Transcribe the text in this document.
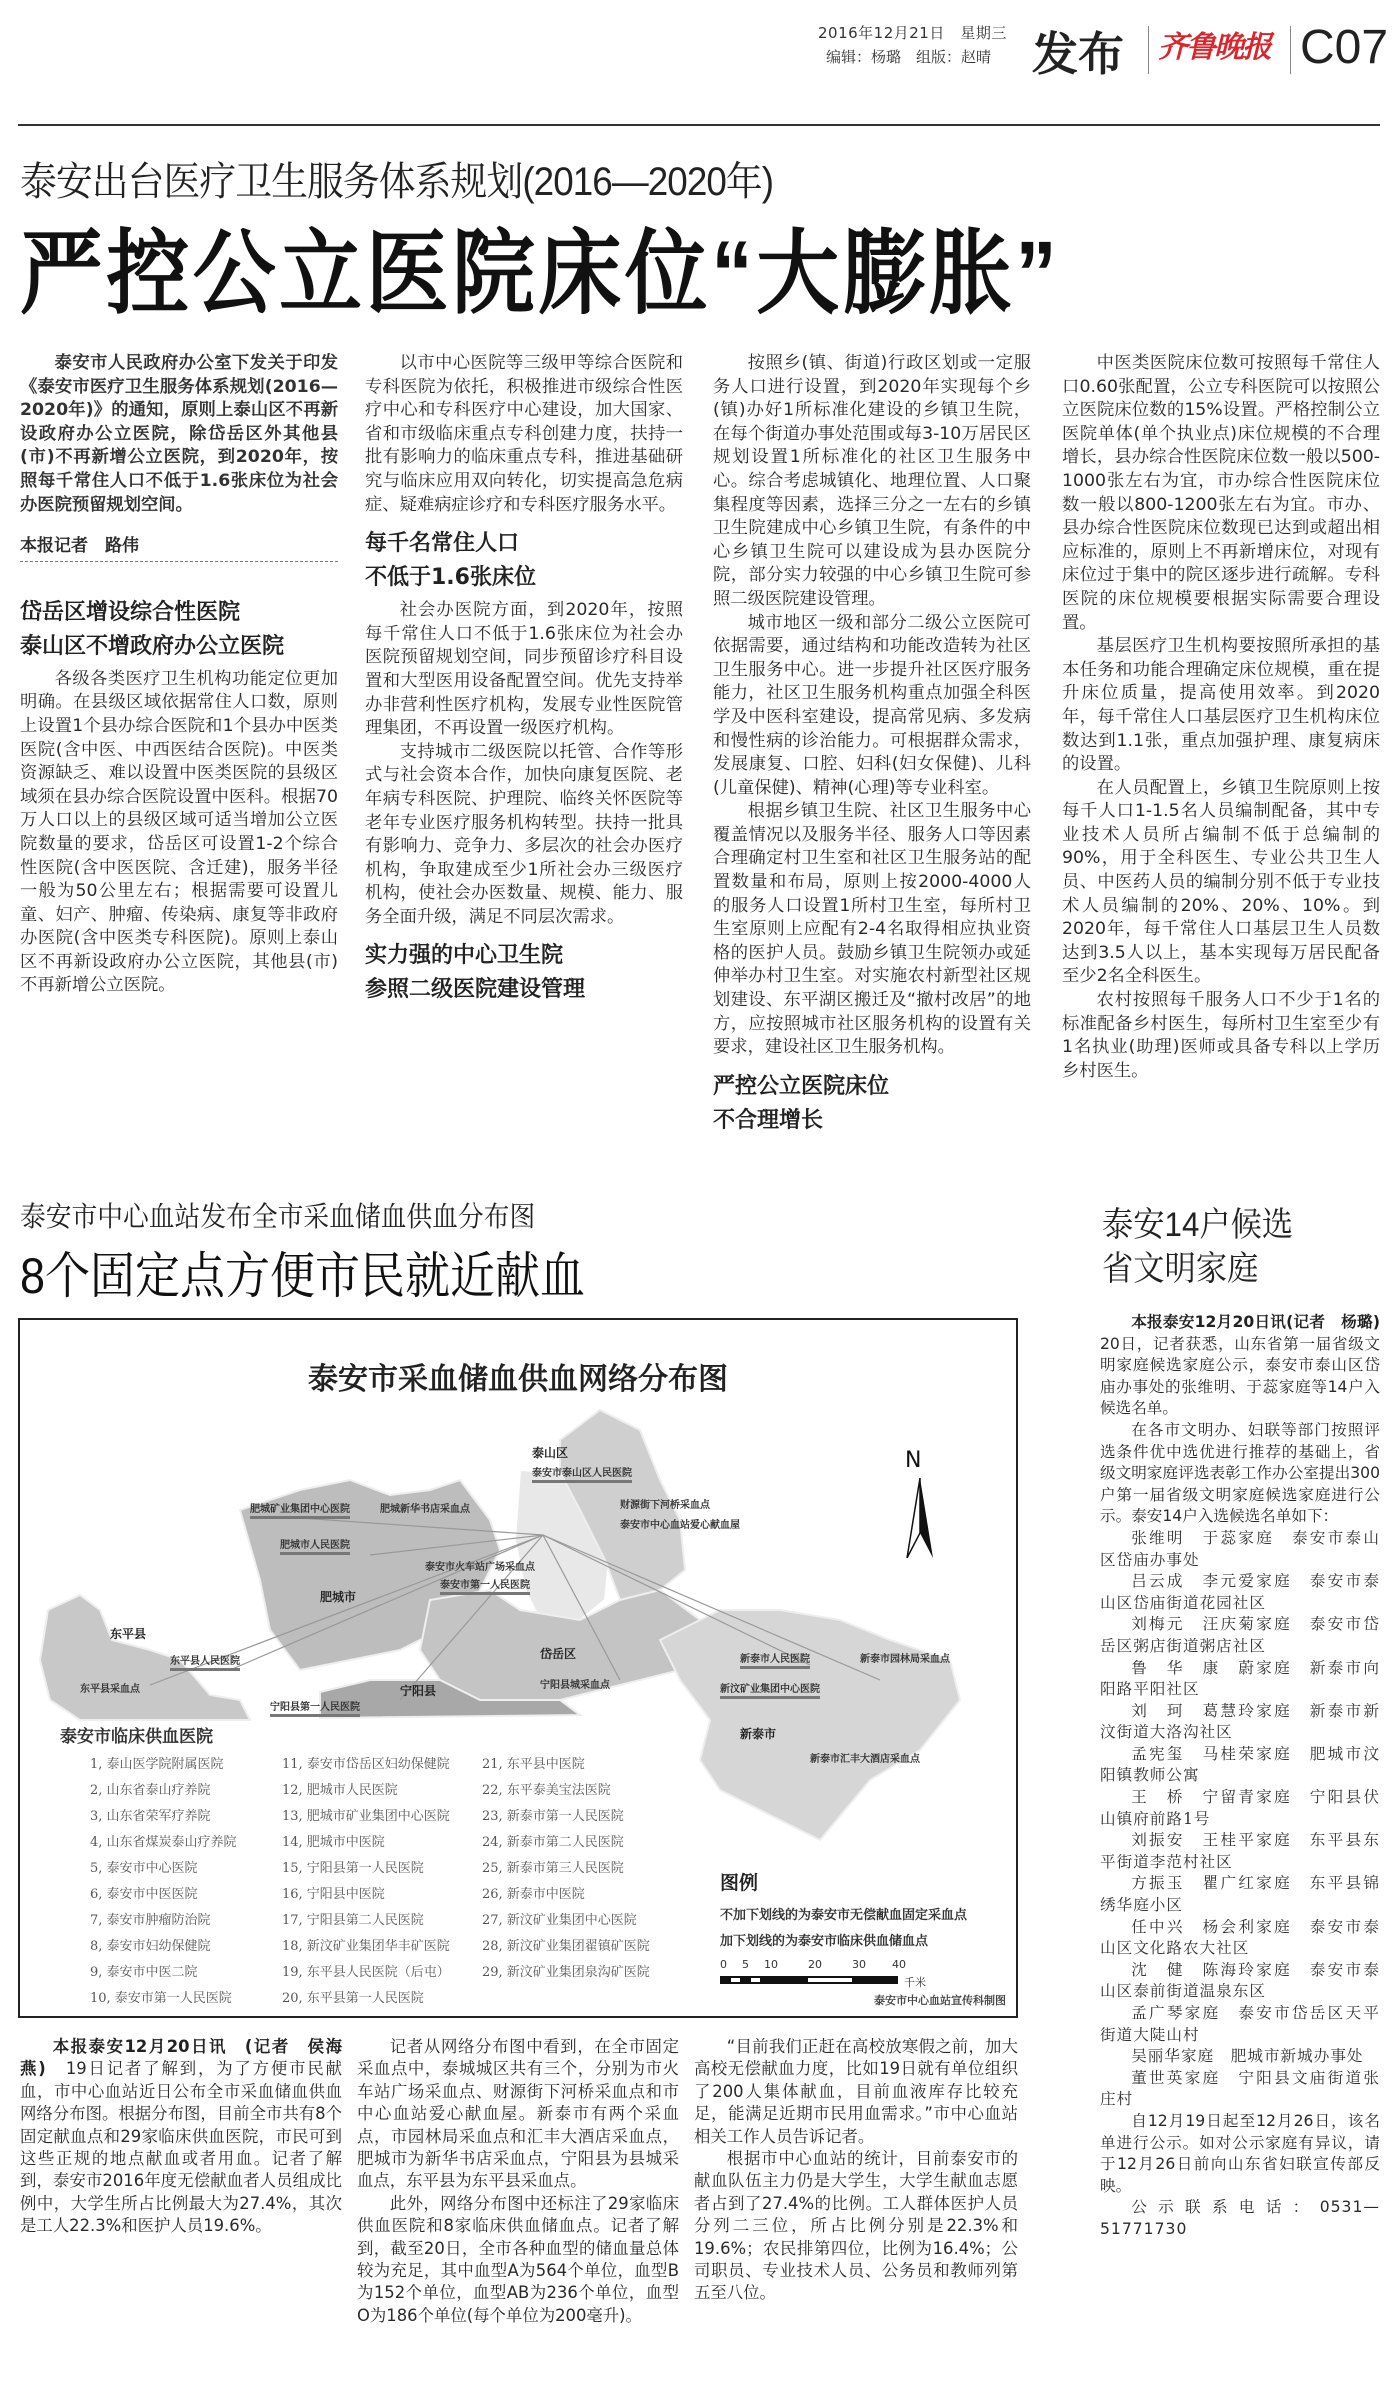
2016年12月21日　星期三
编辑：杨璐　组版：赵晴 发布 齐鲁晚报 C07
泰安出台医疗卫生服务体系规划(2016—2020年)
严控公立医院床位“大膨胀”

泰安市人民政府办公室下发关于印发《泰安市医疗卫生服务体系规划(2016—2020年)》的通知，原则上泰山区不再新设政府办公立医院，除岱岳区外其他县(市)不再新增公立医院，到2020年，按照每千常住人口不低于1.6张床位为社会办医院预留规划空间。

本报记者　路伟
岱岳区增设综合性医院
泰山区不增政府办公立医院

各级各类医疗卫生机构功能定位更加明确。在县级区域依据常住人口数，原则上设置1个县办综合医院和1个县办中医类医院(含中医、中西医结合医院)。中医类资源缺乏、难以设置中医类医院的县级区域须在县办综合医院设置中医科。根据70万人口以上的县级区域可适当增加公立医院数量的要求，岱岳区可设置1-2个综合性医院(含中医医院、含迁建)，服务半径一般为50公里左右；根据需要可设置儿童、妇产、肿瘤、传染病、康复等非政府办医院(含中医类专科医院)。原则上泰山区不再新设政府办公立医院，其他县(市)不再新增公立医院。

以市中心医院等三级甲等综合医院和专科医院为依托，积极推进市级综合性医疗中心和专科医疗中心建设，加大国家、省和市级临床重点专科创建力度，扶持一批有影响力的临床重点专科，推进基础研究与临床应用双向转化，切实提高急危病症、疑难病症诊疗和专科医疗服务水平。

每千名常住人口
不低于1.6张床位

社会办医院方面，到2020年，按照每千常住人口不低于1.6张床位为社会办医院预留规划空间，同步预留诊疗科目设置和大型医用设备配置空间。优先支持举办非营利性医疗机构，发展专业性医院管理集团，不再设置一级医疗机构。

支持城市二级医院以托管、合作等形式与社会资本合作，加快向康复医院、老年病专科医院、护理院、临终关怀医院等老年专业医疗服务机构转型。扶持一批具有影响力、竞争力、多层次的社会办医疗机构，争取建成至少1所社会办三级医疗机构，使社会办医数量、规模、能力、服务全面升级，满足不同层次需求。

实力强的中心卫生院
参照二级医院建设管理

按照乡(镇、街道)行政区划或一定服务人口进行设置，到2020年实现每个乡(镇)办好1所标准化建设的乡镇卫生院，在每个街道办事处范围或每3-10万居民区规划设置1所标准化的社区卫生服务中心。综合考虑城镇化、地理位置、人口聚集程度等因素，选择三分之一左右的乡镇卫生院建成中心乡镇卫生院，有条件的中心乡镇卫生院可以建设成为县办医院分院，部分实力较强的中心乡镇卫生院可参照二级医院建设管理。

城市地区一级和部分二级公立医院可依据需要，通过结构和功能改造转为社区卫生服务中心。进一步提升社区医疗服务能力，社区卫生服务机构重点加强全科医学及中医科室建设，提高常见病、多发病和慢性病的诊治能力。可根据群众需求，发展康复、口腔、妇科(妇女保健)、儿科(儿童保健)、精神(心理)等专业科室。

根据乡镇卫生院、社区卫生服务中心覆盖情况以及服务半径、服务人口等因素合理确定村卫生室和社区卫生服务站的配置数量和布局，原则上按2000-4000人的服务人口设置1所村卫生室，每所村卫生室原则上应配有2-4名取得相应执业资格的医护人员。鼓励乡镇卫生院领办或延伸举办村卫生室。对实施农村新型社区规划建设、东平湖区搬迁及“撤村改居”的地方，应按照城市社区服务机构的设置有关要求，建设社区卫生服务机构。

严控公立医院床位
不合理增长

中医类医院床位数可按照每千常住人口0.60张配置，公立专科医院可以按照公立医院床位数的15%设置。严格控制公立医院单体(单个执业点)床位规模的不合理增长，县办综合性医院床位数一般以500-1000张左右为宜，市办综合性医院床位数一般以800-1200张左右为宜。市办、县办综合性医院床位数现已达到或超出相应标准的，原则上不再新增床位，对现有床位过于集中的院区逐步进行疏解。专科医院的床位规模要根据实际需要合理设置。

基层医疗卫生机构要按照所承担的基本任务和功能合理确定床位规模，重在提升床位质量，提高使用效率。到2020年，每千常住人口基层医疗卫生机构床位数达到1.1张，重点加强护理、康复病床的设置。

在人员配置上，乡镇卫生院原则上按每千人口1-1.5名人员编制配备，其中专业技术人员所占编制不低于总编制的90%，用于全科医生、专业公共卫生人员、中医药人员的编制分别不低于专业技术人员编制的20%、20%、10%。到2020年，每千常住人口基层卫生人员数达到3.5人以上，基本实现每万居民配备至少2名全科医生。

农村按照每千服务人口不少于1名的标准配备乡村医生，每所村卫生室至少有1名执业(助理)医师或具备专科以上学历乡村医生。

泰安市中心血站发布全市采血储血供血分布图
8个固定点方便市民就近献血
泰安市采血储血供血网络分布图
N
泰山区
肥城市
东平县
岱岳区
宁阳县
新泰市
泰安市泰山区人民医院
肥城矿业集团中心医院	肥城新华书店采血点	财源街下河桥采血点
泰安市中心血站爱心献血屋
肥城市人民医院
泰安市火车站广场采血点
泰安市第一人民医院
东平县人民医院
东平县采血点
宁阳县第一人民医院
宁阳县城采血点
新泰市人民医院	新泰市园林局采血点
新汶矿业集团中心医院
新泰市汇丰大酒店采血点
泰安市临床供血医院
1, 泰山医学院附属医院
2, 山东省泰山疗养院
3, 山东省荣军疗养院
4, 山东省煤炭泰山疗养院
5, 泰安市中心医院
6, 泰安市中医医院
7, 泰安市肿瘤防治院
8, 泰安市妇幼保健院
9, 泰安市中医二院
10, 泰安市第一人民医院
11, 泰安市岱岳区妇幼保健院
12, 肥城市人民医院
13, 肥城市矿业集团中心医院
14, 肥城市中医院
15, 宁阳县第一人民医院
16, 宁阳县中医院
17, 宁阳县第二人民医院
18, 新汶矿业集团华丰矿医院
19, 东平县人民医院（后屯）
20, 东平县第一人民医院
21, 东平县中医院
22, 东平泰美宝法医院
23, 新泰市第一人民医院
24, 新泰市第二人民医院
25, 新泰市第三人民医院
26, 新泰市中医院
27, 新汶矿业集团中心医院
28, 新汶矿业集团翟镇矿医院
29, 新汶矿业集团泉沟矿医院
图例
不加下划线的为泰安市无偿献血固定采血点
加下划线的为泰安市临床供血储血点
0 5 10	20	30 40
千米
泰安市中心血站宣传科制图

本报泰安12月20日讯　(记者　侯海燕)　 19日记者了解到，为了方便市民献血，市中心血站近日公布全市采血储血供血网络分布图。根据分布图，目前全市共有8个固定献血点和29家临床供血医院，市民可到这些正规的地点献血或者用血。记者了解到，泰安市2016年度无偿献血者人员组成比例中，大学生所占比例最大为27.4%，其次是工人22.3%和医护人员19.6%。

记者从网络分布图中看到，在全市固定采血点中，泰城城区共有三个，分别为市火车站广场采血点、财源街下河桥采血点和市中心血站爱心献血屋。新泰市有两个采血点，市园林局采血点和汇丰大酒店采血点，肥城市为新华书店采血点，宁阳县为县城采血点，东平县为东平县采血点。

此外，网络分布图中还标注了29家临床供血医院和8家临床供血储血点。记者了解到，截至20日，全市各种血型的储血量总体较为充足，其中血型A为564个单位，血型B为152个单位，血型AB为236个单位，血型O为186个单位(每个单位为200毫升)。

“目前我们正赶在高校放寒假之前，加大高校无偿献血力度，比如19日就有单位组织了200人集体献血，目前血液库存比较充足，能满足近期市民用血需求。”市中心血站相关工作人员告诉记者。

根据市中心血站的统计，目前泰安市的献血队伍主力仍是大学生，大学生献血志愿者占到了27.4%的比例。工人群体医护人员分列二三位，所占比例分别是22.3%和19.6%；农民排第四位，比例为16.4%；公司职员、专业技术人员、公务员和教师列第五至八位。

泰安14户候选
省文明家庭

本报泰安12月20日讯(记者　杨璐)　20日，记者获悉，山东省第一届省级文明家庭候选家庭公示，泰安市泰山区岱庙办事处的张维明、于蕊家庭等14户入候选名单。

在各市文明办、妇联等部门按照评选条件优中选优进行推荐的基础上，省级文明家庭评选表彰工作办公室提出300户第一届省级文明家庭候选家庭进行公示。泰安14户入选候选名单如下：

张维明　于蕊家庭　泰安市泰山区岱庙办事处
吕云成　李元爱家庭　泰安市泰山区岱庙街道花园社区
刘梅元　汪庆菊家庭　泰安市岱岳区粥店街道粥店社区
鲁　华　康　蔚家庭　新泰市向阳路平阳社区
刘　珂　葛慧玲家庭　新泰市新汶街道大洛沟社区
孟宪玺　马桂荣家庭　肥城市汶阳镇教师公寓
王　桥　宁留青家庭　宁阳县伏山镇府前路1号
刘振安　王桂平家庭　东平县东平街道李范村社区
方振玉　瞿广红家庭　东平县锦绣华庭小区
任中兴　杨会利家庭　泰安市泰山区文化路农大社区
沈　健　陈海玲家庭　泰安市泰山区泰前街道温泉东区
孟广琴家庭　泰安市岱岳区天平街道大陡山村
吴丽华家庭　肥城市新城办事处
董世英家庭　宁阳县文庙街道张庄村

自12月19日起至12月26日，该名单进行公示。如对公示家庭有异议，请于12月26日前向山东省妇联宣传部反映。

公示联系电话：0531—51771730
